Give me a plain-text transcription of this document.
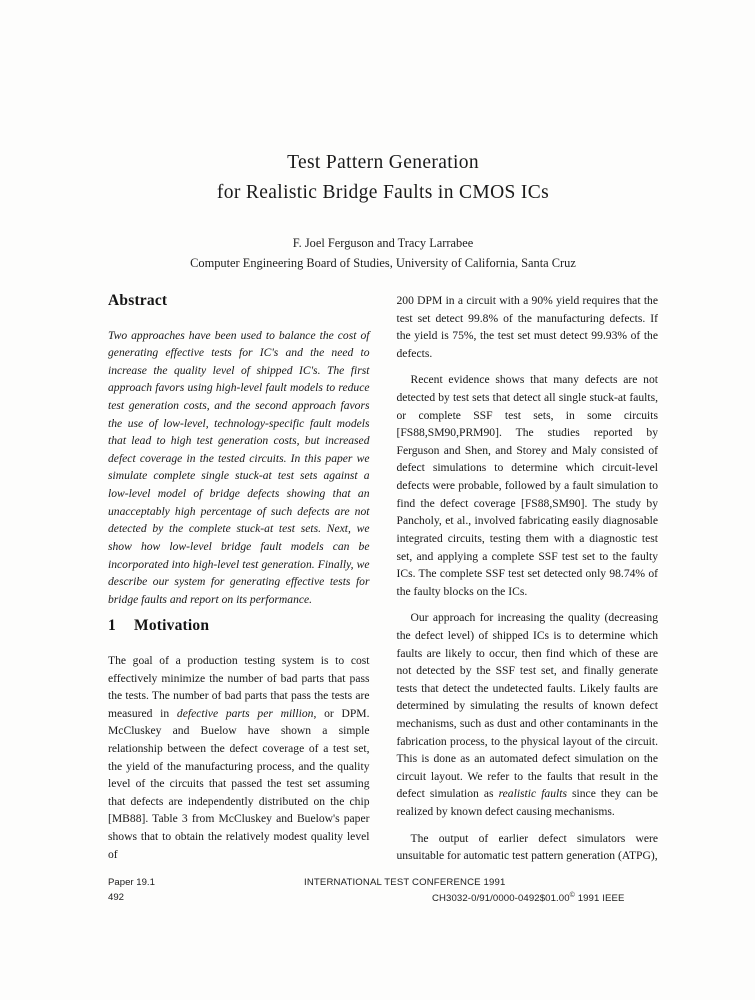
Test Pattern Generation
for Realistic Bridge Faults in CMOS ICs
F. Joel Ferguson and Tracy Larrabee
Computer Engineering Board of Studies, University of California, Santa Cruz
Abstract

Two approaches have been used to balance the cost of generating effective tests for IC's and the need to increase the quality level of shipped IC's. The first approach favors using high-level fault models to reduce test generation costs, and the second approach favors the use of low-level, technology-specific fault models that lead to high test generation costs, but increased defect coverage in the tested circuits. In this paper we simulate complete single stuck-at test sets against a low-level model of bridge defects showing that an unacceptably high percentage of such defects are not detected by the complete stuck-at test sets. Next, we show how low-level bridge fault models can be incorporated into high-level test generation. Finally, we describe our system for generating effective tests for bridge faults and report on its performance.

1 Motivation

The goal of a production testing system is to cost effectively minimize the number of bad parts that pass the tests. The number of bad parts that pass the tests are measured in defective parts per million, or DPM. McCluskey and Buelow have shown a simple relationship between the defect coverage of a test set, the yield of the manufacturing process, and the quality level of the circuits that passed the test set assuming that defects are independently distributed on the chip [MB88]. Table 3 from McCluskey and Buelow's paper shows that to obtain the relatively modest quality level of

200 DPM in a circuit with a 90% yield requires that the test set detect 99.8% of the manufacturing defects. If the yield is 75%, the test set must detect 99.93% of the defects.

Recent evidence shows that many defects are not detected by test sets that detect all single stuck-at faults, or complete SSF test sets, in some circuits [FS88,SM90,PRM90]. The studies reported by Ferguson and Shen, and Storey and Maly consisted of defect simulations to determine which circuit-level defects were probable, followed by a fault simulation to find the defect coverage [FS88,SM90]. The study by Pancholy, et al., involved fabricating easily diagnosable integrated circuits, testing them with a diagnostic test set, and applying a complete SSF test set to the faulty ICs. The complete SSF test set detected only 98.74% of the faulty blocks on the ICs.

Our approach for increasing the quality (decreasing the defect level) of shipped ICs is to determine which faults are likely to occur, then find which of these are not detected by the SSF test set, and finally generate tests that detect the undetected faults. Likely faults are determined by simulating the results of known defect mechanisms, such as dust and other contaminants in the fabrication process, to the physical layout of the circuit. This is done as an automated defect simulation on the circuit layout. We refer to the faults that result in the defect simulation as realistic faults since they can be realized by known defect causing mechanisms.

The output of earlier defect simulators were unsuitable for automatic test pattern generation (ATPG),

Paper 19.1	INTERNATIONAL TEST CONFERENCE 1991
492	CH3032-0/91/0000-0492$01.00© 1991 IEEE
